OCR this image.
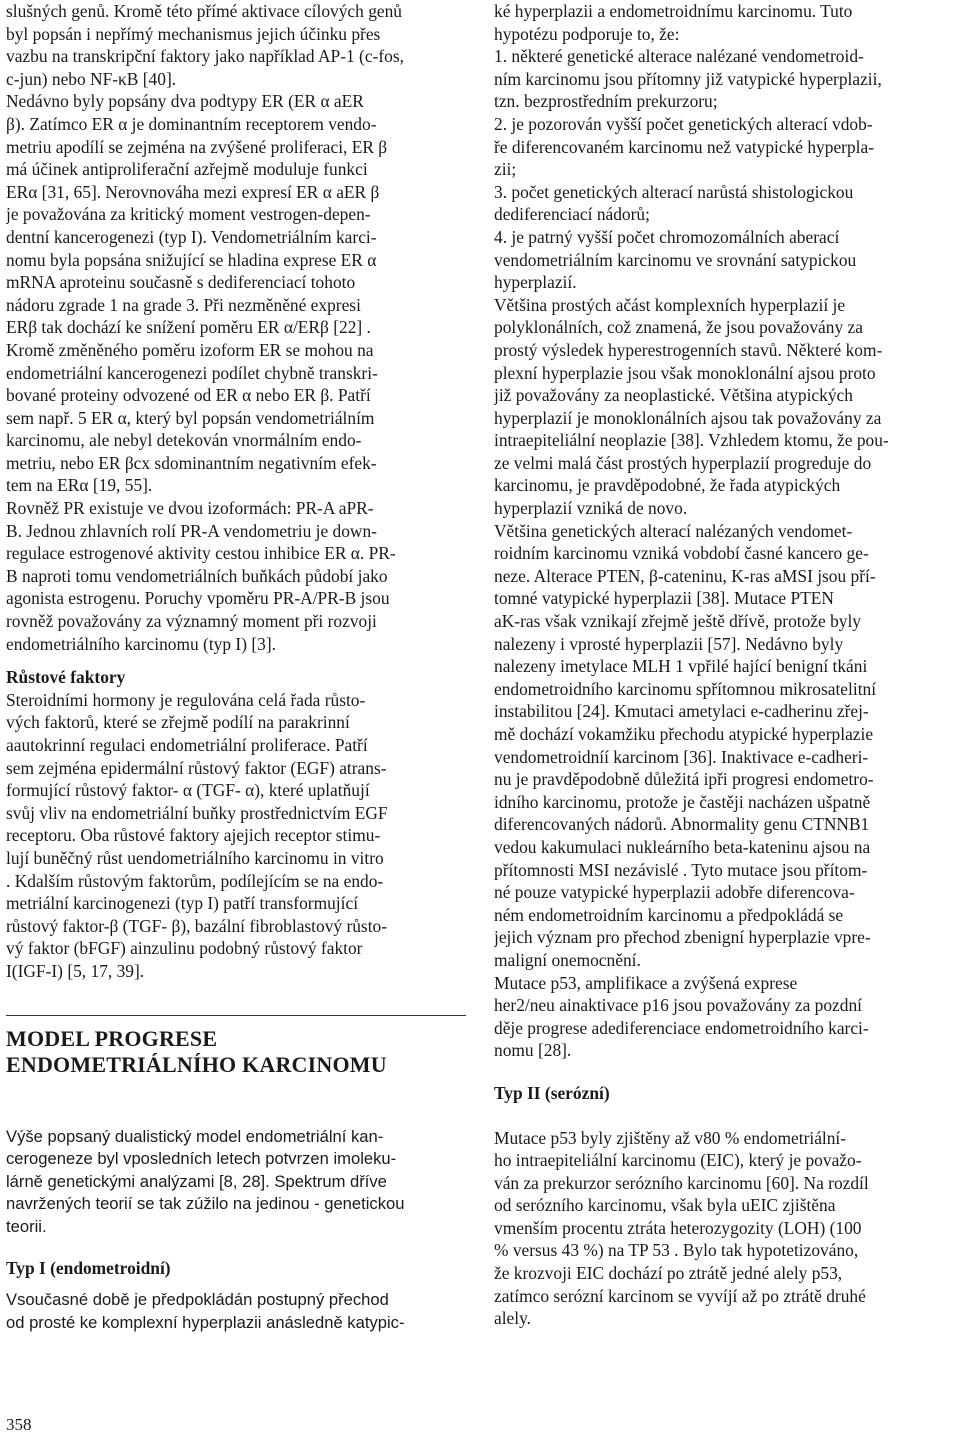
slušných genů. Kromě této přímé aktivace cílových genů
byl popsán i nepřímý mechanismus jejich účinku přes
vazbu na transkripční faktory jako například AP-1 (c-fos,
c-jun) nebo NF-κB [40].
Nedávno byly popsány dva podtypy ER (ER α aER
β). Zatímco ER α je dominantním receptorem vendo-
metriu apodílí se zejména na zvýšené proliferaci, ER β
má účinek antiproliferační azřejmě moduluje funkci
ERα [31, 65]. Nerovnováha mezi expresí ER α aER β
je považována za kritický moment vestrogen-depen-
dentní kancerogenezi (typ I). Vendometriálním karci-
nomu byla popsána snižující se hladina exprese ER α
mRNA aproteinu současně s dediferenciací tohoto
nádoru zgrade 1 na grade 3. Při nezměněné expresi
ERβ tak dochází ke snížení poměru ER α/ERβ [22] .
Kromě změněného poměru izoform ER se mohou na
endometriální kancerogenezi podílet chybně transkri-
bované proteiny odvozené od ER α nebo ER β. Patří
sem např. 5 ER α, který byl popsán vendometriálním
karcinomu, ale nebyl detekován vnormálním endo-
metriu, nebo ER βcx sdominantním negativním efek-
tem na ERα [19, 55].
Rovněž PR existuje ve dvou izoformách: PR-A aPR-
B. Jednou zhlavních rolí PR-A vendometriu je down-
regulace estrogenové aktivity cestou inhibice ER α. PR-
B naproti tomu vendometriálních buňkách půdobí jako
agonista estrogenu. Poruchy vpoměru PR-A/PR-B jsou
rovněž považovány za významný moment při rozvoji
endometriálního karcinomu (typ I) [3].
Růstové faktory
Steroidními hormony je regulována celá řada růsto-
vých faktorů, které se zřejmě podílí na parakrinní
aautokrinní regulaci endometriální proliferace. Patří
sem zejména epidermální růstový faktor (EGF) atrans-
formující růstový faktor- α (TGF- α), které uplatňují
svůj vliv na endometriální buňky prostřednictvím EGF
receptoru. Oba růstové faktory ajejich receptor stimu-
lují buněčný růst uendometriálního karcinomu in vitro
. Kdalším růstovým faktorům, podílejícím se na endo-
metriální karcinogenezi (typ I) patří transformující
růstový faktor-β (TGF- β), bazální fibroblastový růsto-
vý faktor (bFGF) ainzulinu podobný růstový faktor
I(IGF-I) [5, 17, 39].
MODEL PROGRESE
ENDOMETRIÁLNÍHO KARCINOMU
Výše popsaný dualistický model endometriální kan-
cerogeneze byl vposledních letech potvrzen imoleku-
lárně genetickými analýzami [8, 28]. Spektrum dříve
navržených teorií se tak zúžilo na jedinou - genetickou
teorii.
Typ I (endometroidní)
Vsoučasné době je předpokládán postupný přechod
od prosté ke komplexní hyperplazii anásledně katypic-
ké hyperplazii a endometroidnímu karcinomu. Tuto
hypotézu podporuje to, že:
1. některé genetické alterace nalézané vendometroid-
ním karcinomu jsou přítomny již vatypické hyperplazii,
tzn. bezprostředním prekurzoru;
2. je pozorován vyšší počet genetických alterací vdob-
ře diferencovaném karcinomu než vatypické hyperpla-
zii;
3. počet genetických alterací narůstá shistologickou
dediferenciací nádorů;
4. je patrný vyšší počet chromozomálních aberací
vendometriálním karcinomu ve srovnání satypickou
hyperplazií.
Většina prostých ačást komplexních hyperplazií je
polyklonálních, což znamená, že jsou považovány za
prostý výsledek hyperestrogenních stavů. Některé kom-
plexní hyperplazie jsou však monoklonální ajsou proto
již považovány za neoplastické. Většina atypických
hyperplazií je monoklonálních ajsou tak považovány za
intraepiteliální neoplazie [38]. Vzhledem ktomu, že pou-
ze velmi malá část prostých hyperplazií progreduje do
karcinomu, je pravděpodobné, že řada atypických
hyperplazií vzniká de novo.
Většina genetických alterací nalézaných vendomet-
roidním karcinomu vzniká vobdobí časné kancero ge-
neze. Alterace PTEN, β-cateninu, K-ras aMSI jsou pří-
tomné vatypické hyperplazii [38]. Mutace PTEN
aK-ras však vznikají zřejmě ještě dřívě, protože byly
nalezeny i vprosté hyperplazii [57]. Nedávno byly
nalezeny imetylace MLH 1 vpřilé hající benigní tkáni
endometroidního karcinomu spřítomnou mikrosatelitní
instabilitou [24]. Kmutaci ametylaci e-cadherinu zřej-
mě dochází vokamžiku přechodu atypické hyperplazie
vendometroidníí karcinom [36]. Inaktivace e-cadheri-
nu je pravděpodobně důležitá ipři progresi endometro-
idního karcinomu, protože je častěji nacházen ušpatně
diferencovaných nádorů. Abnormality genu CTNNB1
vedou kakumulaci nukleárního beta-kateninu ajsou na
přítomnosti MSI nezávislé . Tyto mutace jsou přítom-
né pouze vatypické hyperplazii adobře diferencova-
ném endometroidním karcinomu a předpokládá se
jejich význam pro přechod zbenigní hyperplazie vpre-
maligní onemocnění.
Mutace p53, amplifikace a zvýšená exprese
her2/neu ainaktivace p16 jsou považovány za pozdní
děje progrese adediferenciace endometroidního karci-
nomu [28].
Typ II (serózní)
Mutace p53 byly zjištěny až v80 % endometriální-
ho intraepiteliální karcinomu (EIC), který je považo-
ván za prekurzor serózního karcinomu [60]. Na rozdíl
od serózního karcinomu, však byla uEIC zjištěna
vmenším procentu ztráta heterozygozity (LOH) (100
% versus 43 %) na TP 53 . Bylo tak hypotetizováno,
že krozvoji EIC dochází po ztrátě jedné alely p53,
zatímco serózní karcinom se vyvíjí až po ztrátě druhé
alely.
358
